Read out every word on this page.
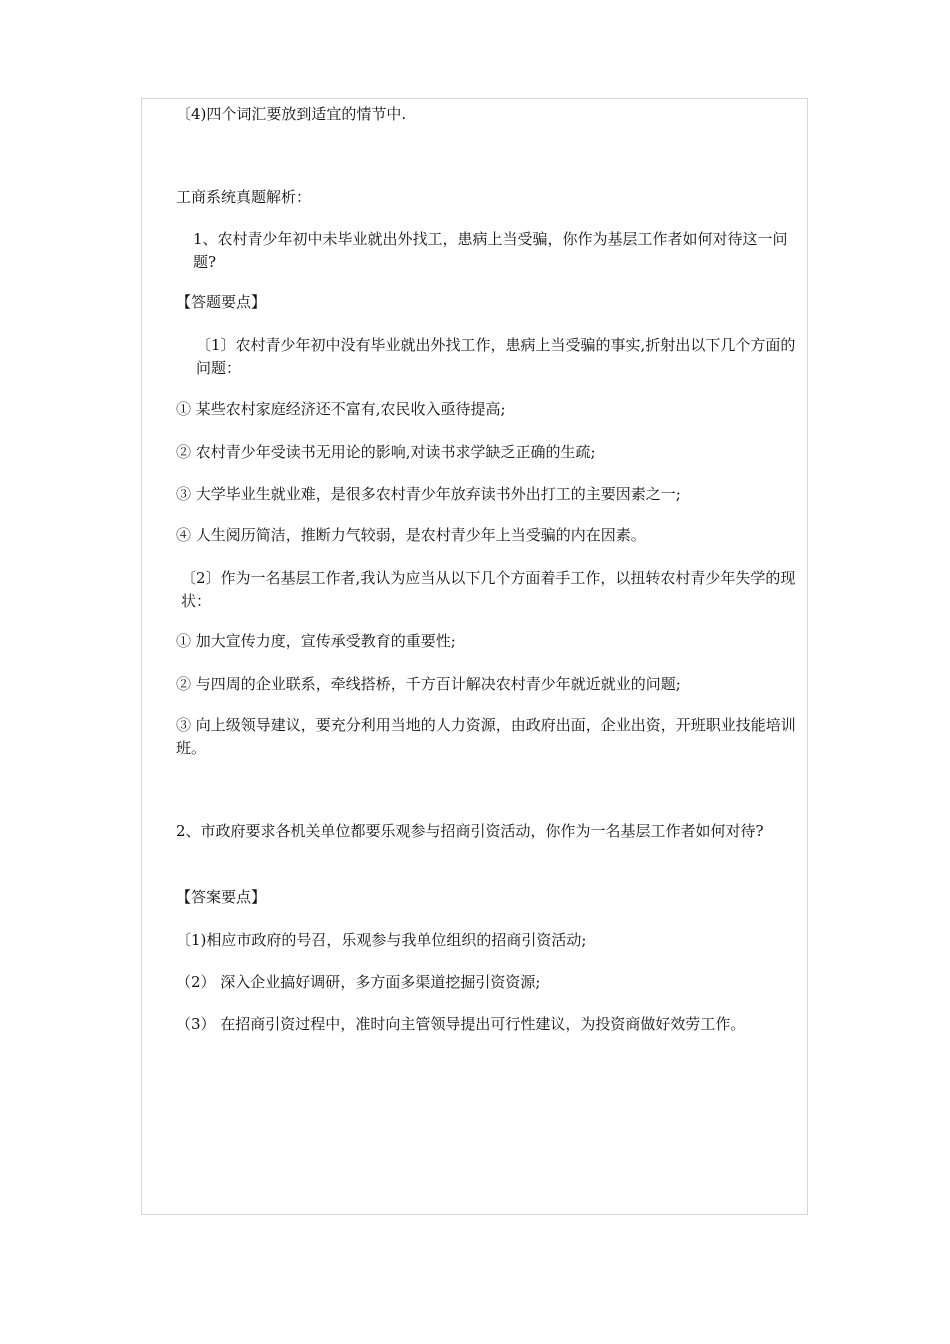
〔4)四个词汇要放到适宜的情节中.
工商系统真题解析：
1、农村青少年初中未毕业就出外找工，患病上当受骗，你作为基层工作者如何对待这一问题?
【答题要点】
〔1〕农村青少年初中没有毕业就出外找工作，患病上当受骗的事实,折射出以下几个方面的问题：
① 某些农村家庭经济还不富有,农民收入亟待提高;
② 农村青少年受读书无用论的影响,对读书求学缺乏正确的生疏;
③ 大学毕业生就业难，是很多农村青少年放弃读书外出打工的主要因素之一;
④ 人生阅历简洁，推断力气较弱，是农村青少年上当受骗的内在因素。
〔2〕作为一名基层工作者,我认为应当从以下几个方面着手工作，以扭转农村青少年失学的现状：
① 加大宣传力度，宣传承受教育的重要性;
② 与四周的企业联系，牵线搭桥，千方百计解决农村青少年就近就业的问题;
③ 向上级领导建议，要充分利用当地的人力资源，由政府出面，企业出资，开班职业技能培训班。
2、市政府要求各机关单位都要乐观参与招商引资活动，你作为一名基层工作者如何对待?
【答案要点】
〔1)相应市政府的号召，乐观参与我单位组织的招商引资活动;
（2） 深入企业搞好调研，多方面多渠道挖掘引资资源;
（3） 在招商引资过程中，准时向主管领导提出可行性建议，为投资商做好效劳工作。
